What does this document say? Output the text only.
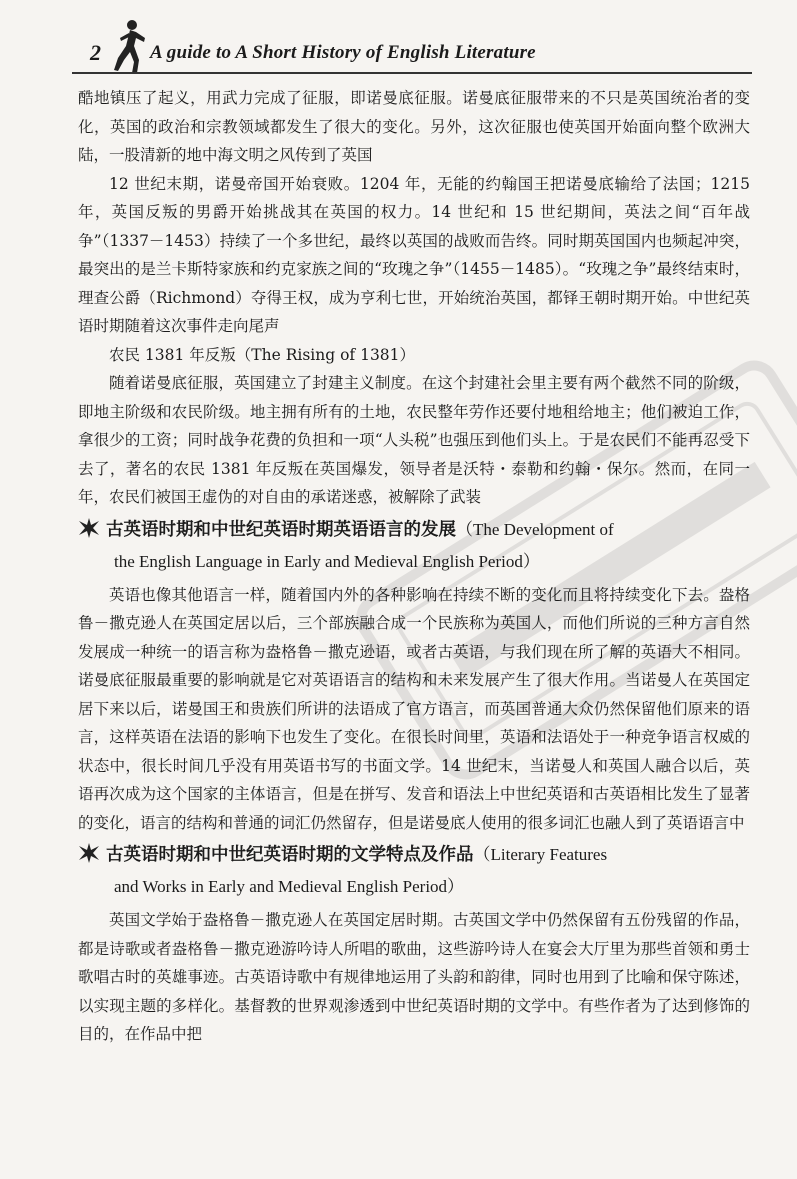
2	A guide to A Short History of English Literature

酷地镇压了起义，用武力完成了征服，即诺曼底征服。诺曼底征服带来的不只是英国统治者的变化，英国的政治和宗教领域都发生了很大的变化。另外，这次征服也使英国开始面向整个欧洲大陆，一股清新的地中海文明之风传到了英国

12 世纪末期，诺曼帝国开始衰败。1204 年，无能的约翰国王把诺曼底输给了法国；1215 年，英国反叛的男爵开始挑战其在英国的权力。14 世纪和 15 世纪期间，英法之间“百年战争”（1337－1453）持续了一个多世纪，最终以英国的战败而告终。同时期英国国内也频起冲突，最突出的是兰卡斯特家族和约克家族之间的“玫瑰之争”（1455－1485）。“玫瑰之争”最终结束时，理查公爵（Richmond）夺得王权，成为亨利七世，开始统治英国，都铎王朝时期开始。中世纪英语时期随着这次事件走向尾声

农民 1381 年反叛（The Rising of 1381）

随着诺曼底征服，英国建立了封建主义制度。在这个封建社会里主要有两个截然不同的阶级，即地主阶级和农民阶级。地主拥有所有的土地，农民整年劳作还要付地租给地主；他们被迫工作，拿很少的工资；同时战争花费的负担和一项“人头税”也强压到他们头上。于是农民们不能再忍受下去了，著名的农民 1381 年反叛在英国爆发，领导者是沃特・泰勒和约翰・保尔。然而，在同一年，农民们被国王虚伪的对自由的承诺迷惑，被解除了武装

古英语时期和中世纪英语时期英语语言的发展（The Development of
the English Language in Early and Medieval English Period）

英语也像其他语言一样，随着国内外的各种影响在持续不断的变化而且将持续变化下去。盎格鲁－撒克逊人在英国定居以后，三个部族融合成一个民族称为英国人，而他们所说的三种方言自然发展成一种统一的语言称为盎格鲁－撒克逊语，或者古英语，与我们现在所了解的英语大不相同。诺曼底征服最重要的影响就是它对英语语言的结构和未来发展产生了很大作用。当诺曼人在英国定居下来以后，诺曼国王和贵族们所讲的法语成了官方语言，而英国普通大众仍然保留他们原来的语言，这样英语在法语的影响下也发生了变化。在很长时间里，英语和法语处于一种竞争语言权威的状态中，很长时间几乎没有用英语书写的书面文学。14 世纪末，当诺曼人和英国人融合以后，英语再次成为这个国家的主体语言，但是在拼写、发音和语法上中世纪英语和古英语相比发生了显著的变化，语言的结构和普通的词汇仍然留存，但是诺曼底人使用的很多词汇也融人到了英语语言中

古英语时期和中世纪英语时期的文学特点及作品（Literary Features
and Works in Early and Medieval English Period）

英国文学始于盎格鲁－撒克逊人在英国定居时期。古英国文学中仍然保留有五份残留的作品，都是诗歌或者盎格鲁－撒克逊游吟诗人所唱的歌曲，这些游吟诗人在宴会大厅里为那些首领和勇士歌唱古时的英雄事迹。古英语诗歌中有规律地运用了头韵和韵律，同时也用到了比喻和保守陈述，以实现主题的多样化。基督教的世界观渗透到中世纪英语时期的文学中。有些作者为了达到修饰的目的，在作品中把
